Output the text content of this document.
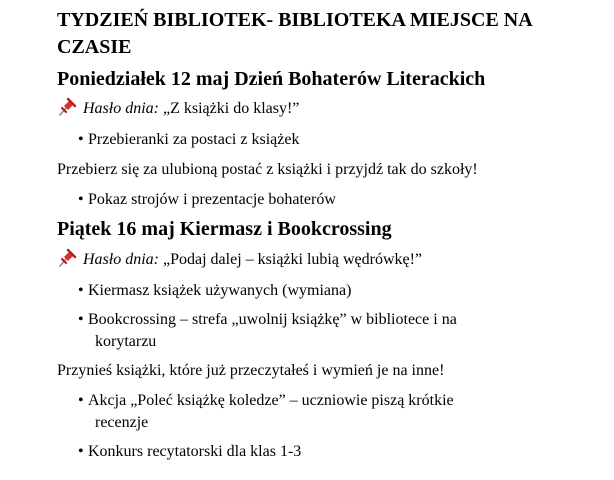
TYDZIEŃ BIBLIOTEK- BIBLIOTEKA MIEJSCE NA CZASIE
Poniedziałek 12 maj Dzień Bohaterów Literackich
Hasło dnia: „Z książki do klasy!”
• Przebieranki za postaci z książek
Przebierz się za ulubioną postać z książki i przyjdź tak do szkoły!
• Pokaz strojów i prezentacje bohaterów
Piątek 16 maj Kiermasz i Bookcrossing
Hasło dnia: „Podaj dalej – książki lubią wędrówkę!”
• Kiermasz książek używanych (wymiana)
• Bookcrossing – strefa „uwolnij książkę” w bibliotece i na
korytarzu
Przynieś książki, które już przeczytałeś i wymień je na inne!
• Akcja „Poleć książkę koledze” – uczniowie piszą krótkie
recenzje
• Konkurs recytatorski dla klas 1-3
